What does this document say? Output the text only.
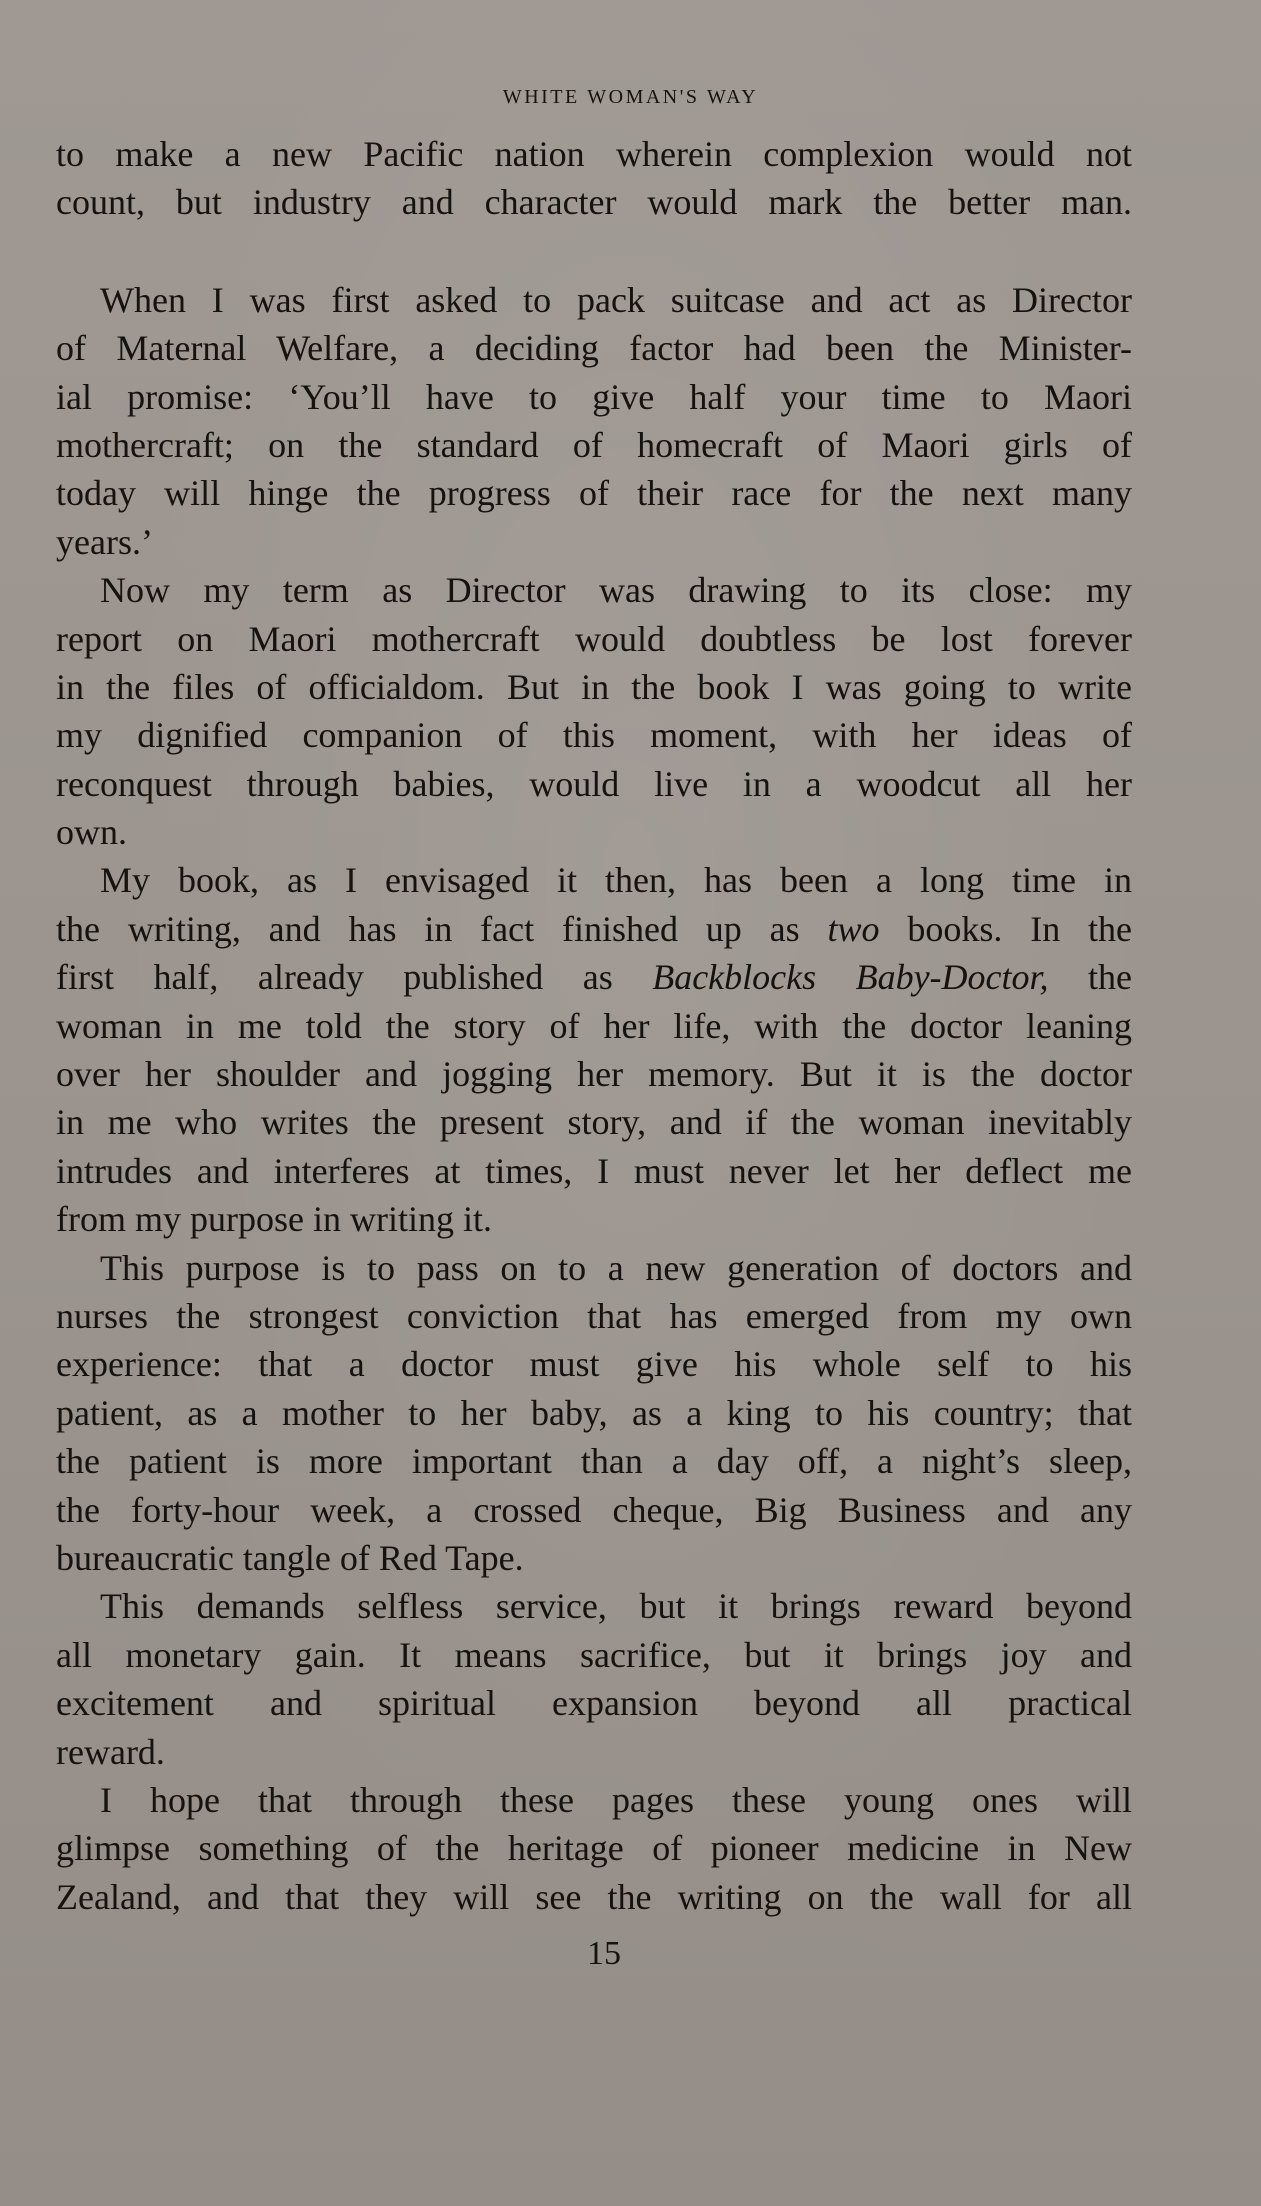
white woman's way
to make a new Pacific nation wherein complexion would not
count, but industry and character would mark the better man.
When I was first asked to pack suitcase and act as Director
of Maternal Welfare, a deciding factor had been the Minister-
ial promise: ‘You’ll have to give half your time to Maori
mothercraft; on the standard of homecraft of Maori girls of
today will hinge the progress of their race for the next many
years.’
Now my term as Director was drawing to its close: my
report on Maori mothercraft would doubtless be lost forever
in the files of officialdom. But in the book I was going to write
my dignified companion of this moment, with her ideas of
reconquest through babies, would live in a woodcut all her
own.
My book, as I envisaged it then, has been a long time in
the writing, and has in fact finished up as two books. In the
first half, already published as Backblocks Baby-Doctor, the
woman in me told the story of her life, with the doctor leaning
over her shoulder and jogging her memory. But it is the doctor
in me who writes the present story, and if the woman inevitably
intrudes and interferes at times, I must never let her deflect me
from my purpose in writing it.
This purpose is to pass on to a new generation of doctors and
nurses the strongest conviction that has emerged from my own
experience: that a doctor must give his whole self to his
patient, as a mother to her baby, as a king to his country; that
the patient is more important than a day off, a night’s sleep,
the forty-hour week, a crossed cheque, Big Business and any
bureaucratic tangle of Red Tape.
This demands selfless service, but it brings reward beyond
all monetary gain. It means sacrifice, but it brings joy and
excitement and spiritual expansion beyond all practical
reward.
I hope that through these pages these young ones will
glimpse something of the heritage of pioneer medicine in New
Zealand, and that they will see the writing on the wall for all
15
